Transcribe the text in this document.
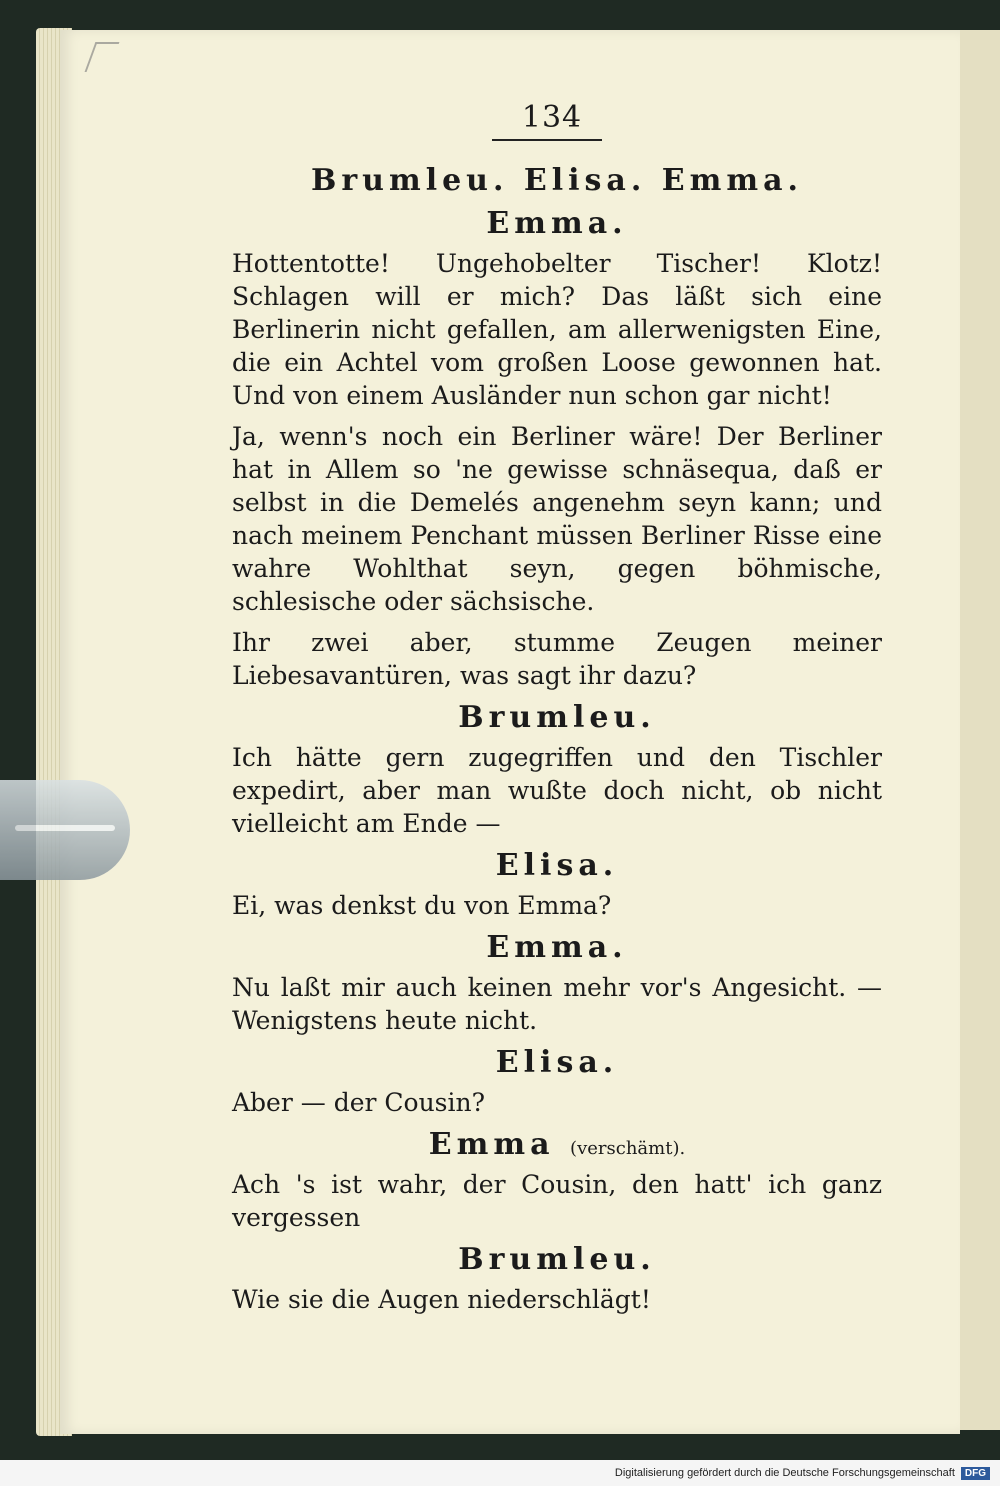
134
Brumleu. Elisa. Emma.
Emma.

Hottentotte! Ungehobelter Tischer! Klotz! Schlagen will er mich? Das läßt sich eine Berlinerin nicht gefallen, am allerwenigsten Eine, die ein Achtel vom großen Loose gewonnen hat. Und von einem Ausländer nun schon gar nicht!

Ja, wenn's noch ein Berliner wäre! Der Berliner hat in Allem so 'ne gewisse schnäsequa, daß er selbst in die Demelés angenehm seyn kann; und nach meinem Penchant müssen Berliner Risse eine wahre Wohlthat seyn, gegen böhmische, schlesische oder sächsische.

Ihr zwei aber, stumme Zeugen meiner Liebesavantüren, was sagt ihr dazu?

Brumleu.

Ich hätte gern zugegriffen und den Tischler expedirt, aber man wußte doch nicht, ob nicht vielleicht am Ende —

Elisa.

Ei, was denkst du von Emma?

Emma.

Nu laßt mir auch keinen mehr vor's Angesicht. — Wenigstens heute nicht.

Elisa.

Aber — der Cousin?

Emma (verschämt).

Ach 's ist wahr, der Cousin, den hatt' ich ganz vergessen

Brumleu.

Wie sie die Augen niederschlägt!

Digitalisierung gefördert durch die Deutsche Forschungsgemeinschaft	DFG
